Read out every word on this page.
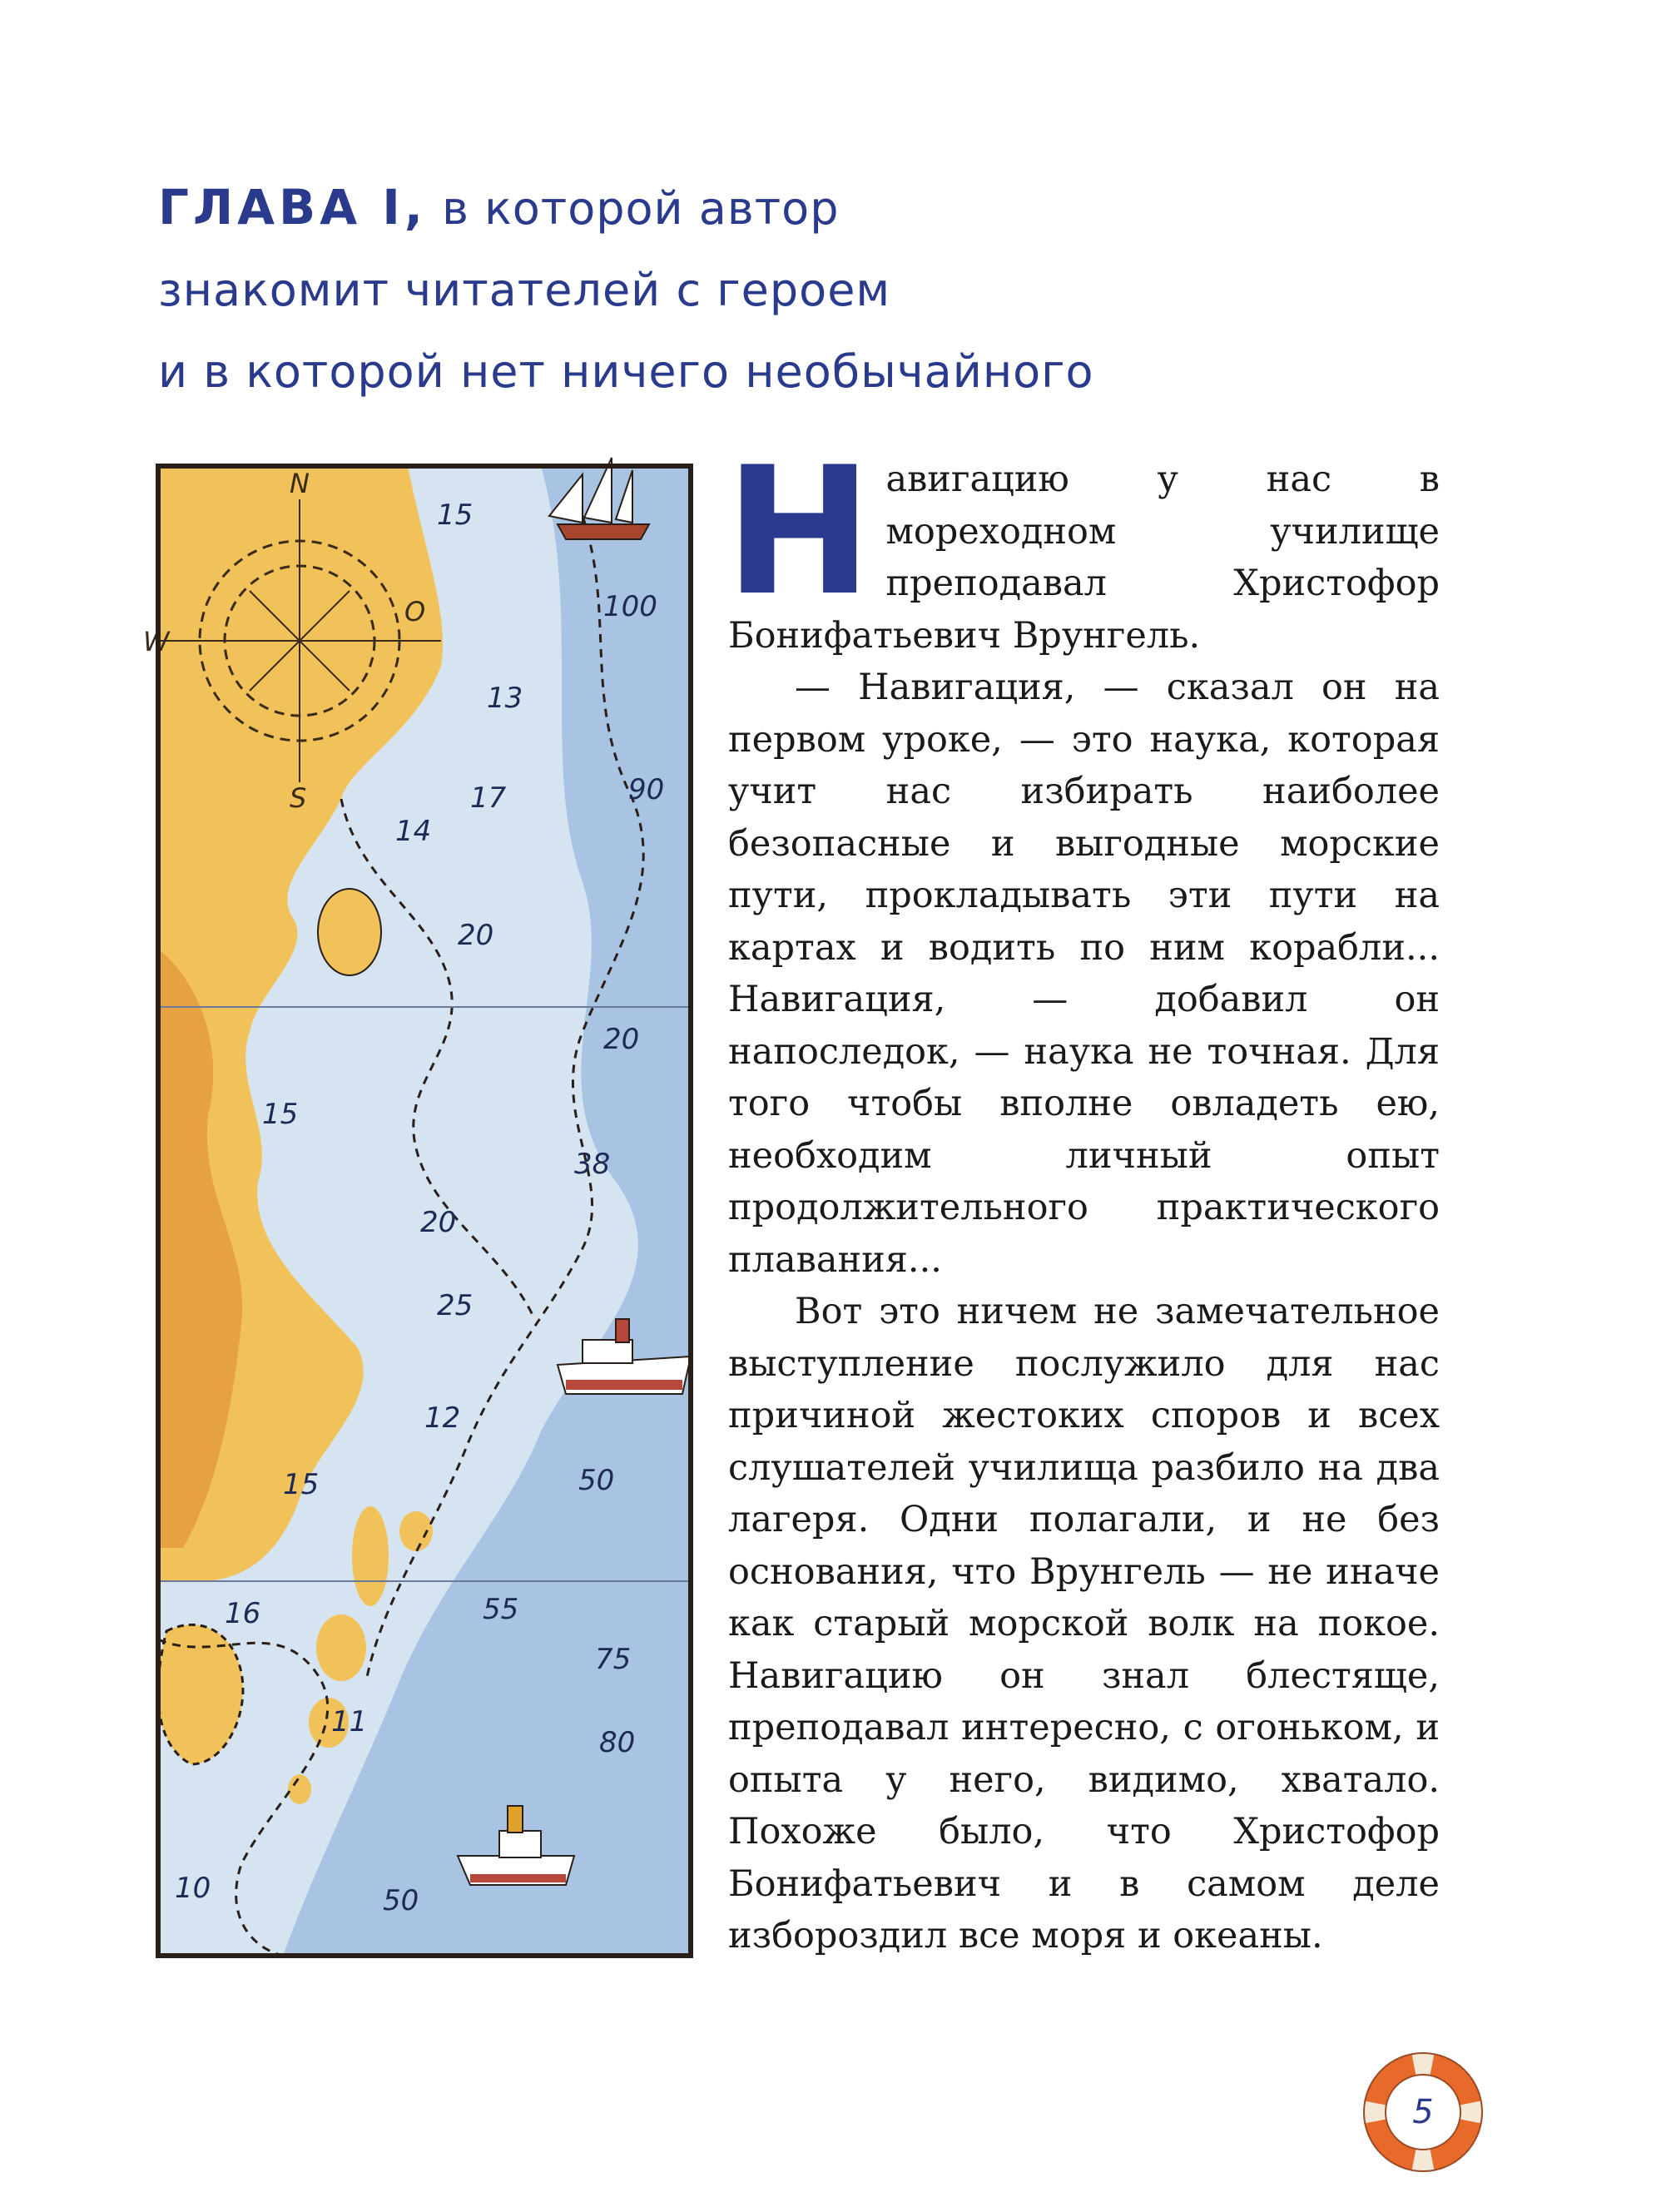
ГЛАВА I, в которой автор
знакомит читателей с героем
и в которой нет ничего необычайного
N
S
W
O
15
100
13
17	90
14
20
20
15
38
20
25
12
15	50
16	55
75
11
80
10	50
Н авигацию у нас в мореходном училище преподавал Христофор Бонифатьевич Врунгель.

— Навигация, — сказал он на первом уроке, — это наука, которая учит нас избирать наиболее безопасные и выгодные морские пути, прокладывать эти пути на картах и водить по ним корабли... Навигация, — добавил он напоследок, — наука не точная. Для того чтобы вполне овладеть ею, необходим личный опыт продолжительного практического плавания...

Вот это ничем не замечательное выступление послужило для нас причиной жестоких споров и всех слушателей училища разбило на два лагеря. Одни полагали, и не без основания, что Врунгель — не иначе как старый морской волк на покое. Навигацию он знал блестяще, преподавал интересно, с огоньком, и опыта у него, видимо, хватало. Похоже было, что Христофор Бонифатьевич и в самом деле избороздил все моря и океаны.

5
